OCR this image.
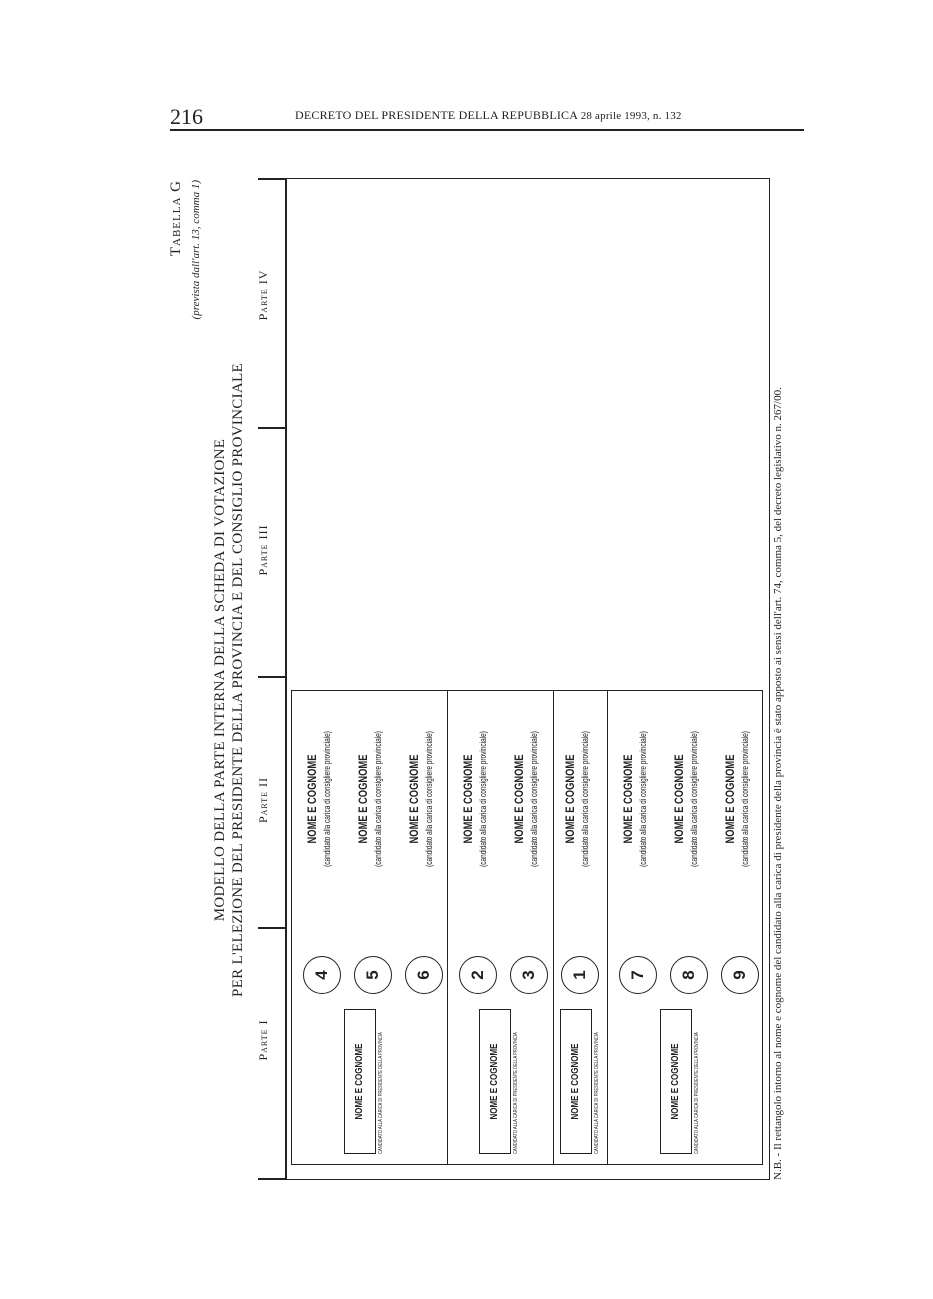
216	DECRETO DEL PRESIDENTE DELLA REPUBBLICA 28 aprile 1993, n. 132
Tabella G (prevista dall'art. 13, comma 1)
MODELLO DELLA PARTE INTERNA DELLA SCHEDA DI VOTAZIONE PER L'ELEZIONE DEL PRESIDENTE DELLA PROVINCIA E DEL CONSIGLIO PROVINCIALE
Parte I
Parte II
Parte III
Parte IV
NOME E COGNOME	CANDIDATO ALLA CARICA DI PRESIDENTE DELLA PROVINCIA
4
NOME E COGNOME (candidato alla carica di consigliere provinciale)
5
NOME E COGNOME (candidato alla carica di consigliere provinciale)
6
NOME E COGNOME (candidato alla carica di consigliere provinciale)
NOME E COGNOME	CANDIDATO ALLA CARICA DI PRESIDENTE DELLA PROVINCIA
2
NOME E COGNOME (candidato alla carica di consigliere provinciale)
3
NOME E COGNOME (candidato alla carica di consigliere provinciale)
NOME E COGNOME	CANDIDATO ALLA CARICA DI PRESIDENTE DELLA PROVINCIA
1
NOME E COGNOME (candidato alla carica di consigliere provinciale)
NOME E COGNOME	CANDIDATO ALLA CARICA DI PRESIDENTE DELLA PROVINCIA
7
NOME E COGNOME (candidato alla carica di consigliere provinciale)
8
NOME E COGNOME (candidato alla carica di consigliere provinciale)
9
NOME E COGNOME (candidato alla carica di consigliere provinciale) N.B. - Il rettangolo intorno al nome e cognome del candidato alla carica di presidente della provincia è stato apposto ai sensi dell'art. 74, comma 5, del decreto legislativo n. 267/00.
